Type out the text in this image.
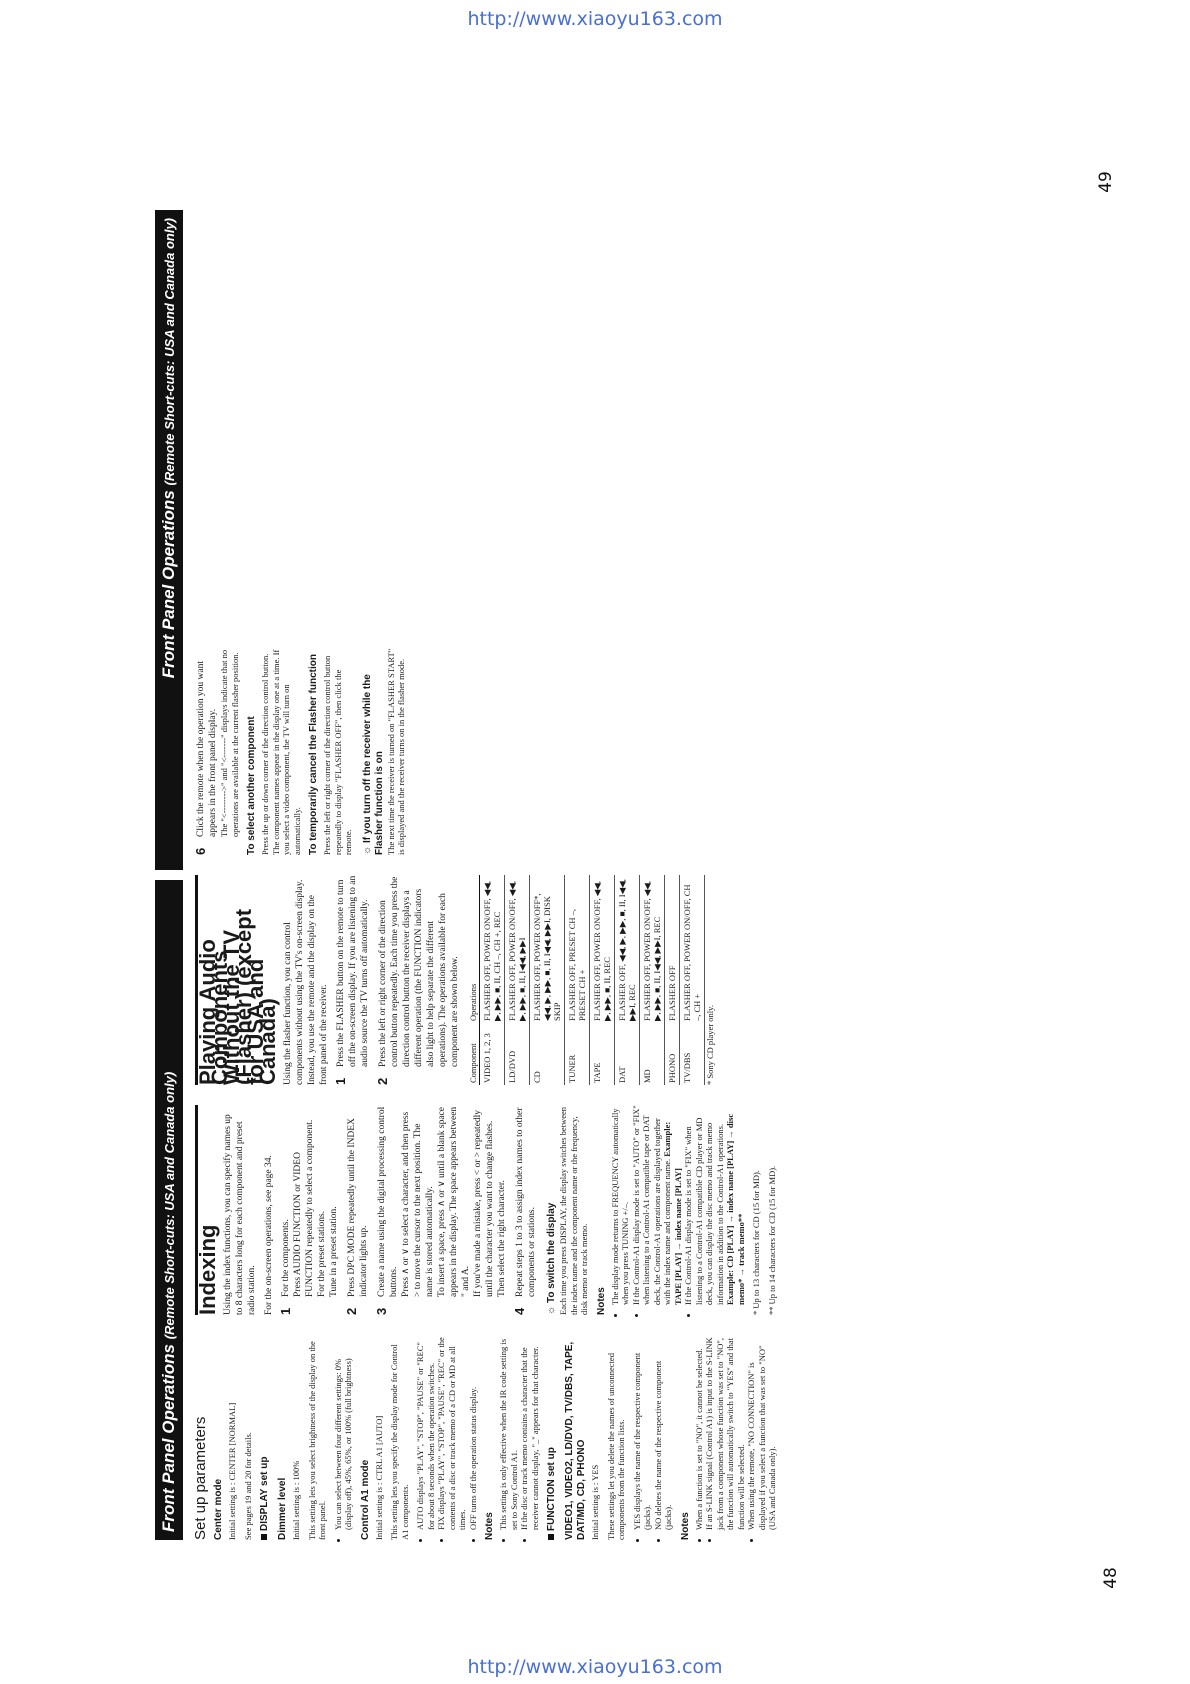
http://www.xiaoyu163.com
49
48
Front Panel Operations (Remote Short-cuts: USA and Canada only)
Front Panel Operations (Remote Short-cuts: USA and Canada only)
Set up parameters Center mode Initial setting is : CENTER [NORMAL] See pages 19 and 20 for details. DISPLAY set up Dimmer level Initial setting is : 100% This setting lets you select brightness of the display on the front panel. • You can select between four different settings: 0% (display off), 45%, 65%, or 100% (full brightness) Control A1 mode Initial setting is : CTRL A1 [AUTO] This setting lets you specify the display mode for Control A1 components. • AUTO displays "PLAY", "STOP", "PAUSE" or "REC" for about 8 seconds when the operation switches. • FIX displays "PLAY", "STOP", "PAUSE", "REC" or the contents of a disc or track memo of a CD or MD at all times. • OFF turns off the operation status display. Notes • This setting is only effective when the IR code setting is set to Sony Control A1. • If the disc or track memo contains a character that the receiver cannot display, "_" appears for that character. FUNCTION set up VIDEO1, VIDEO2, LD/DVD, TV/DBS, TAPE, DAT/MD, CD, PHONO Initial setting is : YES These settings let you delete the names of unconnected components from the function lists. • YES displays the name of the respective component (jacks). • NO deletes the name of the respective component (jacks). Notes • When a function is set to "NO", it cannot be selected. • If an S-LINK signal (Control A1) is input to the S-LINK jack from a component whose function was set to "NO", the function will automatically switch to "YES" and that function will be selected. • When using the remote, "NO CONNECTION" is displayed if you select a function that was set to "NO" (USA and Canada only).
Indexing Using the index functions, you can specify names up to 8 characters long for each component and preset radio station. For the on-screen operations, see page 34. 1
For the components. Press AUDIO FUNCTION or VIDEO FUNCTION repeatedly to select a component. For the preset stations. Tune in a preset station.
2
Press DPC MODE repeatedly until the INDEX indicator lights up.
3
Create a name using the digital processing control buttons. Press ∧ or ∨ to select a character, and then press > to move the cursor to the next position. The name is stored automatically. To insert a space, press ∧ or ∨ until a blank space appears in the display. The space appears between " and A. If you've made a mistake, press < or > repeatedly until the character you want to change flashes. Then select the right character.
4
Repeat steps 1 to 3 to assign index names to other components or stations.
☼ To switch the display Each time you press DISPLAY, the display switches between the index name and the component name or the frequency, disk memo or track memo. Notes • The display mode returns to FREQUENCY automatically when you press TUNING +/–. • If the Control-A1 display mode is set to "AUTO" or "FIX" when listening to a Control-A1 compatible tape or DAT deck, the Control-A1 operations are displayed together with the index name and component name. Example: TAPE [PLAY] → index name [PLAY] • If the Control-A1 display mode is set to "FIX" when listening to a Control-A1 compatible CD player or MD deck, you can display the disc memo and track memo information in addition to the Control-A1 operations. Example: CD [PLAY] → index name [PLAY] → disc memo* → track memo** * Up to 13 characters for CD (15 for MD). ** Up to 14 characters for CD (15 for MD).

Playing Audio Components Without the TV (Flasher) (except for USA and Canada) Using the flasher function, you can control components without using the TV's on-screen display. Instead, you use the remote and the display on the front panel of the receiver. 1
Press the FLASHER button on the remote to turn off the on-screen display. If you are listening to an audio source the TV turns off automatically.
2
Press the left or right corner of the direction control button repeatedly. Each time you press the direction control button the receiver displays a different operation (the FUNCTION indicators also light to help separate the different operations). The operations available for each component are shown below. Component	Operations
VIDEO 1, 2, 3	FLASHER OFF, POWER ON/OFF, ◀◀, ▶, ▶▶, ■, II, CH –, CH +, REC
LD/DVD	FLASHER OFF, POWER ON/OFF, ◀◀, ▶, ▶▶, ■, II, I◀◀, ▶▶I
CD	FLASHER OFF, POWER ON/OFF*, ◀◀, ▶, ▶▶, ■, II, I◀◀, ▶▶I, DISK SKIP
TUNER	FLASHER OFF, PRESET CH –, PRESET CH +
TAPE	FLASHER OFF, POWER ON/OFF, ◀◀, ▶, ▶▶, ■, II, REC
DAT	FLASHER OFF, ◀◀, ▶, ▶▶, ■, II, I◀◀, ▶▶I, REC
MD	FLASHER OFF, POWER ON/OFF, ◀◀, ▶, ▶▶, ■, II, I◀◀, ▶▶I, REC
PHONO	FLASHER OFF
TV/DBS	FLASHER OFF, POWER ON/OFF, CH –, CH + * Sony CD player only.

6
Click the remote when the operation you want appears in the front panel display. The "<-------->" and "<-------" displays indicate that no operations are available at the current flasher position. To select another component Press the up or down corner of the direction control button. The component names appear in the display one at a time. If you select a video component, the TV will turn on automatically. To temporarily cancel the Flasher function Press the left or right corner of the direction control button repeatedly to display "FLASHER OFF", then click the remote. ☼ If you turn off the receiver while the Flasher function is on The next time the receiver is turned on "FLASHER START" is displayed and the receiver turns on in the flasher mode.

http://www.xiaoyu163.com
